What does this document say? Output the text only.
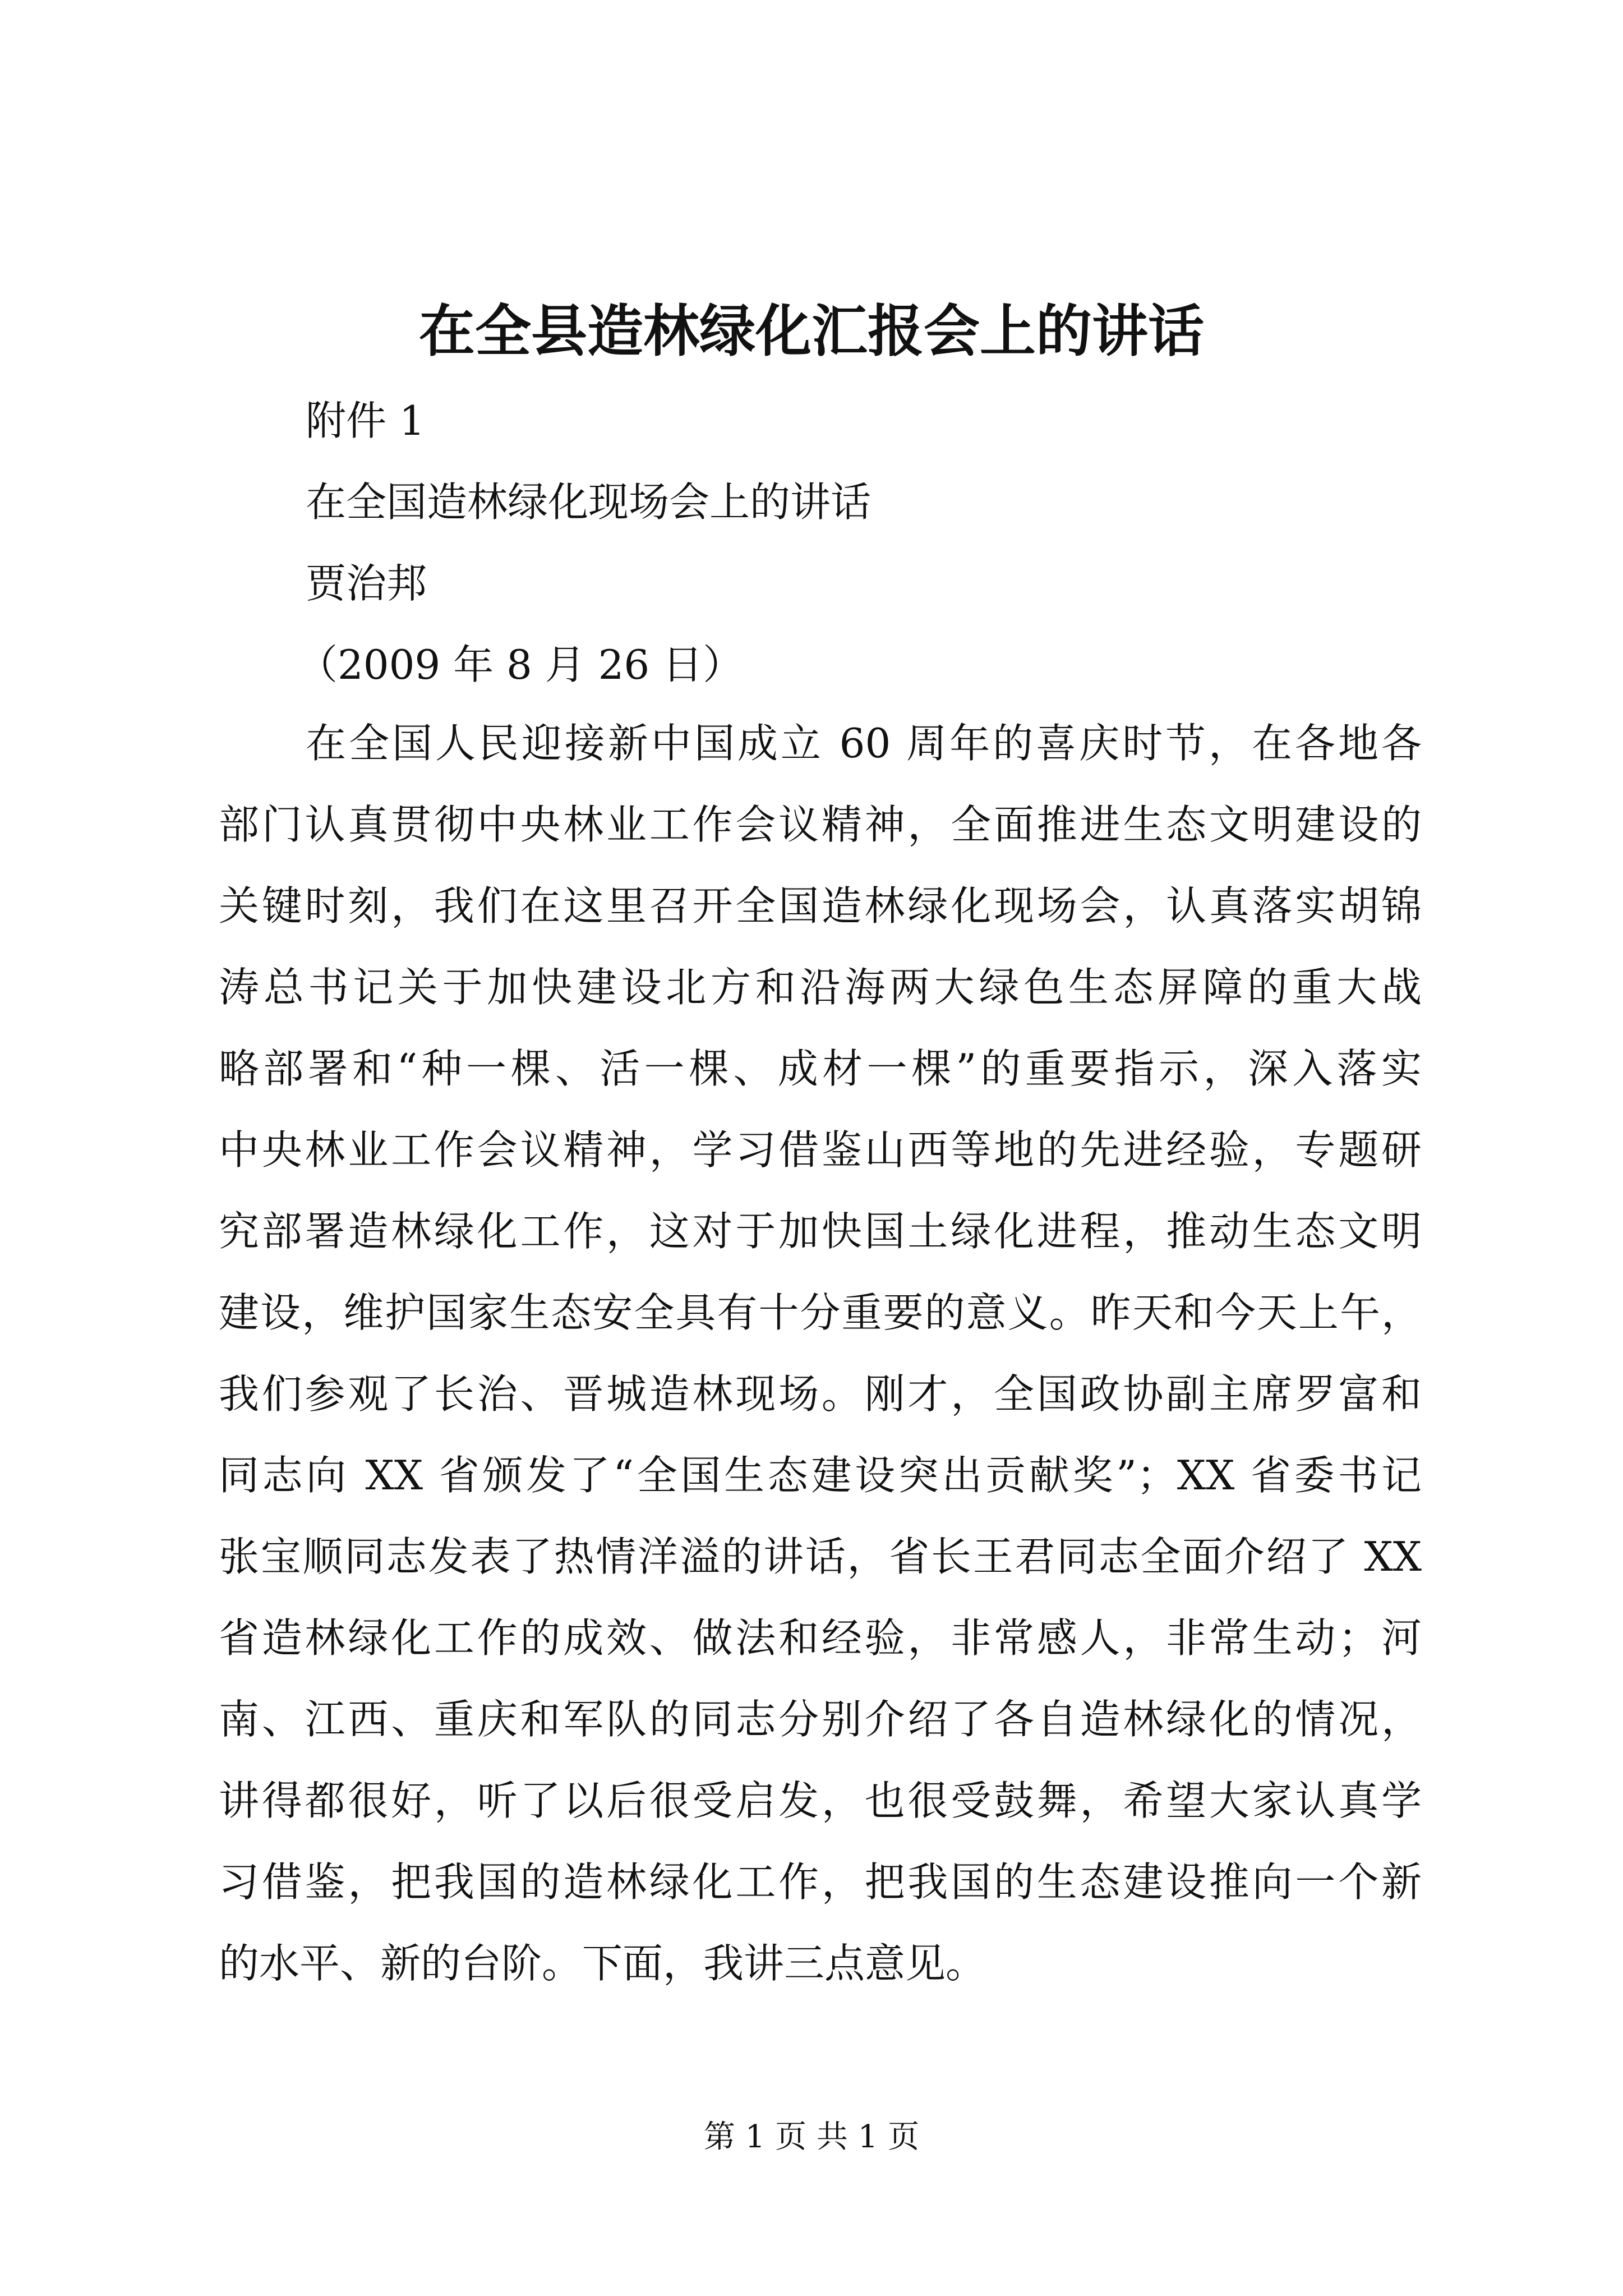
在全县造林绿化汇报会上的讲话

附件 1

在全国造林绿化现场会上的讲话

贾治邦

（2009 年 8 月 26 日）

在全国人民迎接新中国成立 60 周年的喜庆时节，在各地各

部门认真贯彻中央林业工作会议精神，全面推进生态文明建设的

关键时刻，我们在这里召开全国造林绿化现场会，认真落实胡锦

涛总书记关于加快建设北方和沿海两大绿色生态屏障的重大战

略部署和“种一棵、活一棵、成材一棵”的重要指示，深入落实

中央林业工作会议精神，学习借鉴山西等地的先进经验，专题研

究部署造林绿化工作，这对于加快国土绿化进程，推动生态文明

建设，维护国家生态安全具有十分重要的意义。昨天和今天上午，

我们参观了长治、晋城造林现场。刚才，全国政协副主席罗富和

同志向 XX 省颁发了“全国生态建设突出贡献奖”；XX 省委书记

张宝顺同志发表了热情洋溢的讲话，省长王君同志全面介绍了 XX

省造林绿化工作的成效、做法和经验，非常感人，非常生动；河

南、江西、重庆和军队的同志分别介绍了各自造林绿化的情况，

讲得都很好，听了以后很受启发，也很受鼓舞，希望大家认真学

习借鉴，把我国的造林绿化工作，把我国的生态建设推向一个新

的水平、新的台阶。下面，我讲三点意见。

第 1 页 共 1 页
